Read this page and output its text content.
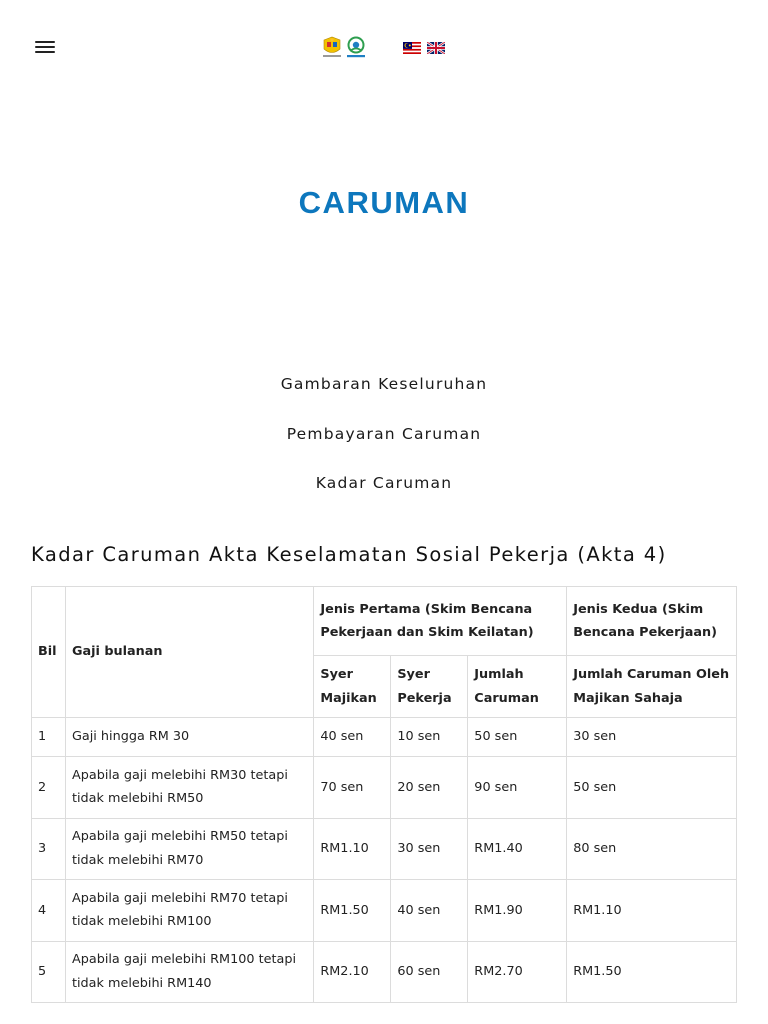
CARUMAN
Gambaran Keseluruhan
Pembayaran Caruman
Kadar Caruman
Kadar Caruman Akta Keselamatan Sosial Pekerja (Akta 4)
Bil	Gaji bulanan	Jenis Pertama (Skim Bencana Pekerjaan dan Skim Keilatan)			Jenis Kedua (Skim Bencana Pekerjaan)
		Syer Majikan	Syer Pekerja	Jumlah Caruman	Jumlah Caruman Oleh Majikan Sahaja
1	Gaji hingga RM 30	40 sen	10 sen	50 sen	30 sen
2	Apabila gaji melebihi RM30 tetapi tidak melebihi RM50	70 sen	20 sen	90 sen	50 sen
3	Apabila gaji melebihi RM50 tetapi tidak melebihi RM70	RM1.10	30 sen	RM1.40	80 sen
4	Apabila gaji melebihi RM70 tetapi tidak melebihi RM100	RM1.50	40 sen	RM1.90	RM1.10
5	Apabila gaji melebihi RM100 tetapi tidak melebihi RM140	RM2.10	60 sen	RM2.70	RM1.50
